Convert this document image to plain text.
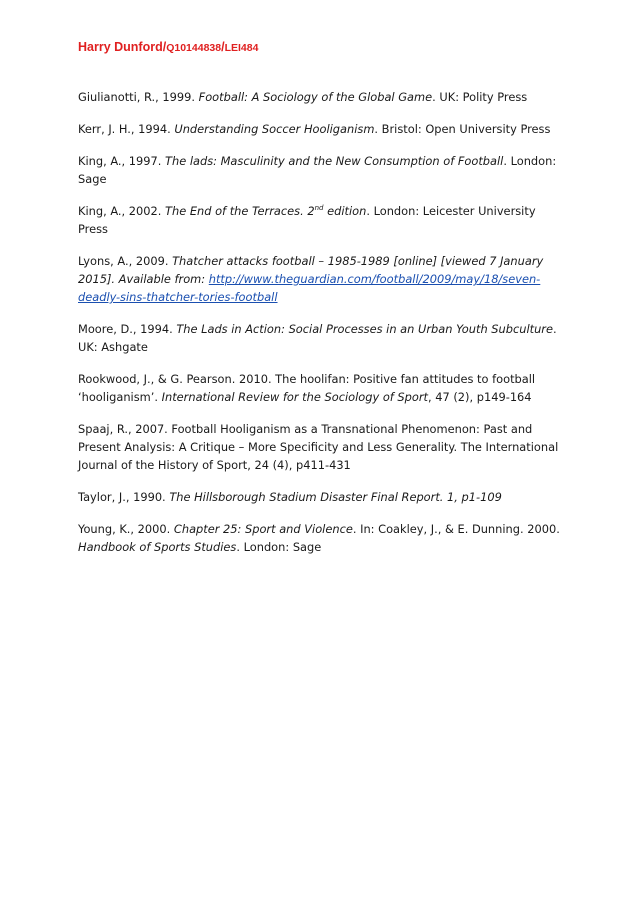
Harry Dunford/Q10144838/LEI484

Giulianotti, R., 1999. Football: A Sociology of the Global Game. UK: Polity Press

Kerr, J. H., 1994. Understanding Soccer Hooliganism. Bristol: Open University Press

King, A., 1997. The lads: Masculinity and the New Consumption of Football. London: Sage

King, A., 2002. The End of the Terraces. 2nd edition. London: Leicester University Press

Lyons, A., 2009. Thatcher attacks football – 1985-1989 [online] [viewed 7 January 2015]. Available from: http://www.theguardian.com/football/2009/may/18/seven-deadly-sins-thatcher-tories-football

Moore, D., 1994. The Lads in Action: Social Processes in an Urban Youth Subculture. UK: Ashgate

Rookwood, J., & G. Pearson. 2010. The hoolifan: Positive fan attitudes to football ‘hooliganism’. International Review for the Sociology of Sport, 47 (2), p149-164

Spaaj, R., 2007. Football Hooliganism as a Transnational Phenomenon: Past and Present Analysis: A Critique – More Specificity and Less Generality. The International Journal of the History of Sport, 24 (4), p411-431

Taylor, J., 1990. The Hillsborough Stadium Disaster Final Report. 1, p1-109

Young, K., 2000. Chapter 25: Sport and Violence. In: Coakley, J., & E. Dunning. 2000. Handbook of Sports Studies. London: Sage
